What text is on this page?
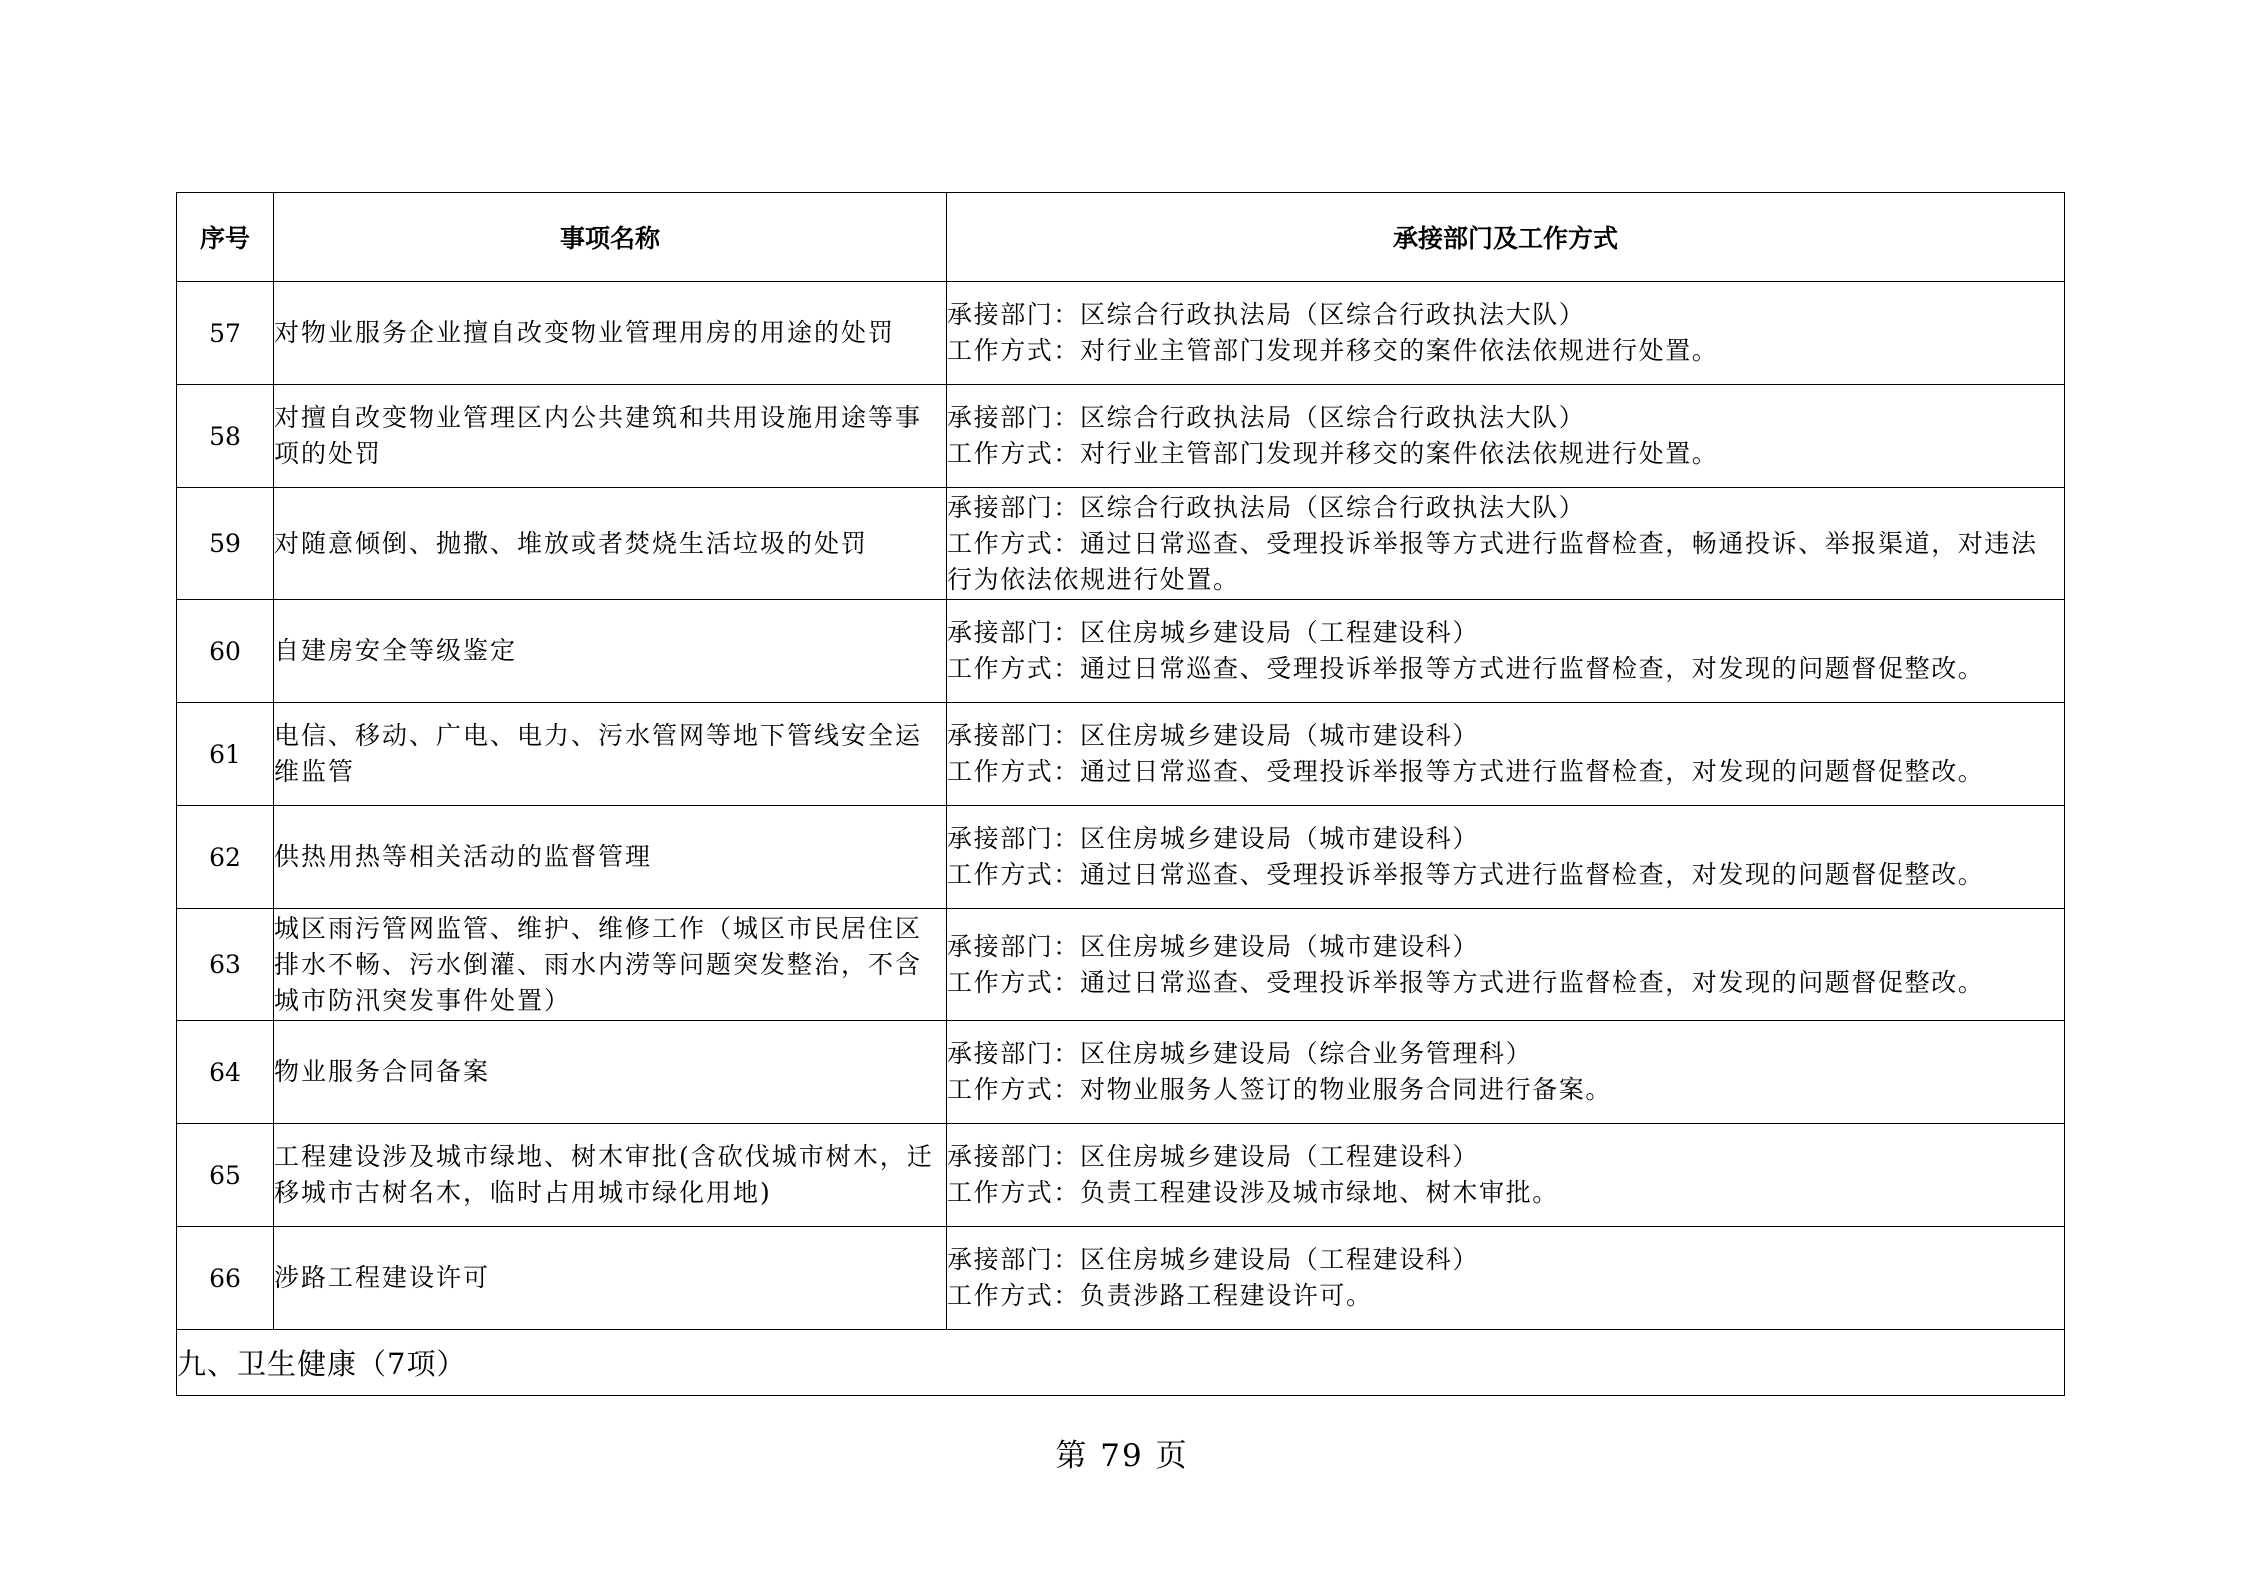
序号	事项名称	承接部门及工作方式
57	对物业服务企业擅自改变物业管理用房的用途的处罚	承接部门：区综合行政执法局（区综合行政执法大队）
工作方式：对行业主管部门发现并移交的案件依法依规进行处置。

58	对擅自改变物业管理区内公共建筑和共用设施用途等事项的处罚	承接部门：区综合行政执法局（区综合行政执法大队）
工作方式：对行业主管部门发现并移交的案件依法依规进行处置。

59	对随意倾倒、抛撒、堆放或者焚烧生活垃圾的处罚	承接部门：区综合行政执法局（区综合行政执法大队）
工作方式：通过日常巡查、受理投诉举报等方式进行监督检查，畅通投诉、举报渠道，对违法行为依法依规进行处置。

60	自建房安全等级鉴定	承接部门：区住房城乡建设局（工程建设科）
工作方式：通过日常巡查、受理投诉举报等方式进行监督检查，对发现的问题督促整改。

61	电信、移动、广电、电力、污水管网等地下管线安全运维监管	承接部门：区住房城乡建设局（城市建设科）
工作方式：通过日常巡查、受理投诉举报等方式进行监督检查，对发现的问题督促整改。

62	供热用热等相关活动的监督管理	承接部门：区住房城乡建设局（城市建设科）
工作方式：通过日常巡查、受理投诉举报等方式进行监督检查，对发现的问题督促整改。

63	城区雨污管网监管、维护、维修工作（城区市民居住区排水不畅、污水倒灌、雨水内涝等问题突发整治，不含城市防汛突发事件处置）	承接部门：区住房城乡建设局（城市建设科）
工作方式：通过日常巡查、受理投诉举报等方式进行监督检查，对发现的问题督促整改。

64	物业服务合同备案	承接部门：区住房城乡建设局（综合业务管理科）
工作方式：对物业服务人签订的物业服务合同进行备案。

65	工程建设涉及城市绿地、树木审批(含砍伐城市树木，迁移城市古树名木，临时占用城市绿化用地)	承接部门：区住房城乡建设局（工程建设科）
工作方式：负责工程建设涉及城市绿地、树木审批。

66	涉路工程建设许可	承接部门：区住房城乡建设局（工程建设科）
工作方式：负责涉路工程建设许可。

九、卫生健康（7项）		
第 79 页
